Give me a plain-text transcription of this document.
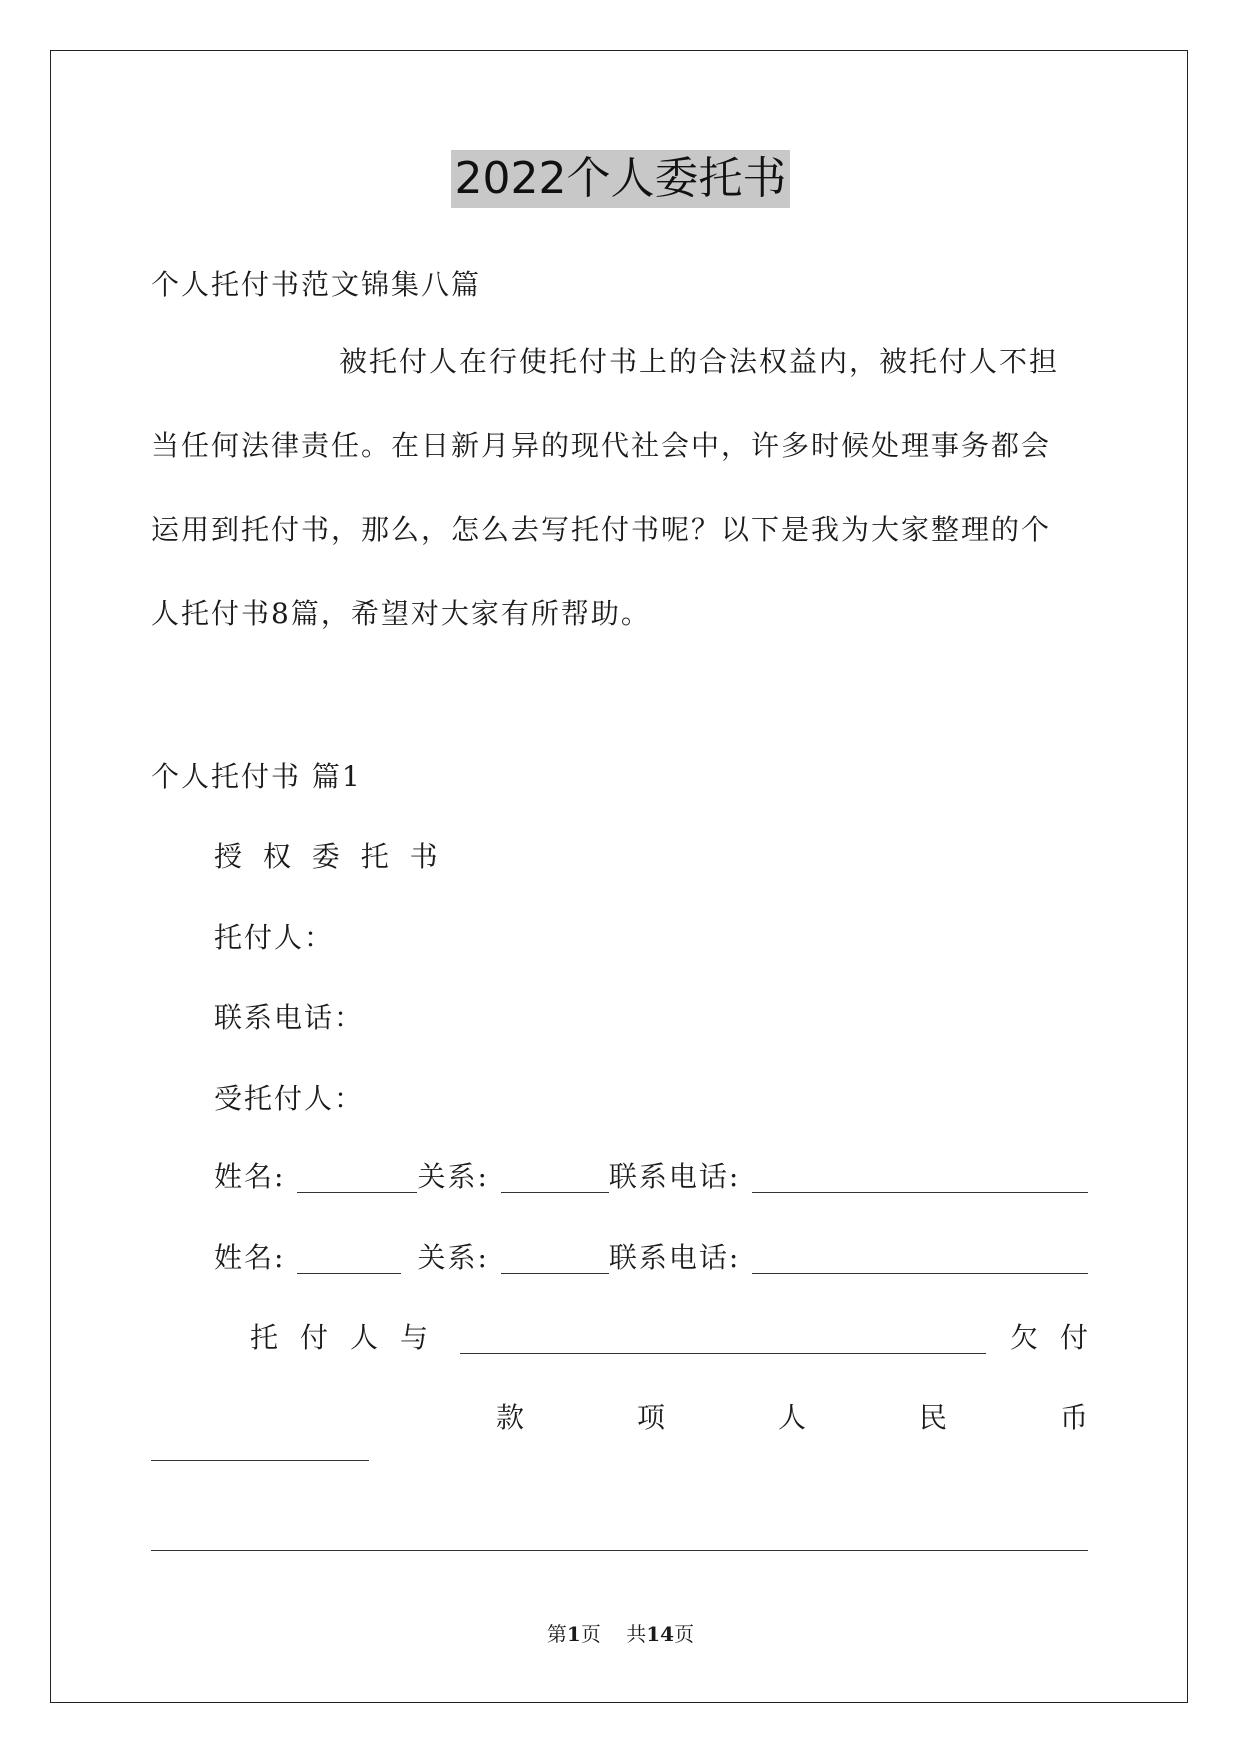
2022个人委托书
个人托付书范文锦集八篇
被托付人在行使托付书上的合法权益内，被托付人不担
当任何法律责任。在日新月异的现代社会中，许多时候处理事务都会
运用到托付书，那么，怎么去写托付书呢？以下是我为大家整理的个
人托付书8篇，希望对大家有所帮助。
个人托付书 篇1
授 权 委 托 书
托付人：
联系电话：
受托付人：
姓名:	关系:	联系电话:
姓名:	关系:	联系电话:
托付人与	欠付
款	项	人	民	币
第1页    共14页
